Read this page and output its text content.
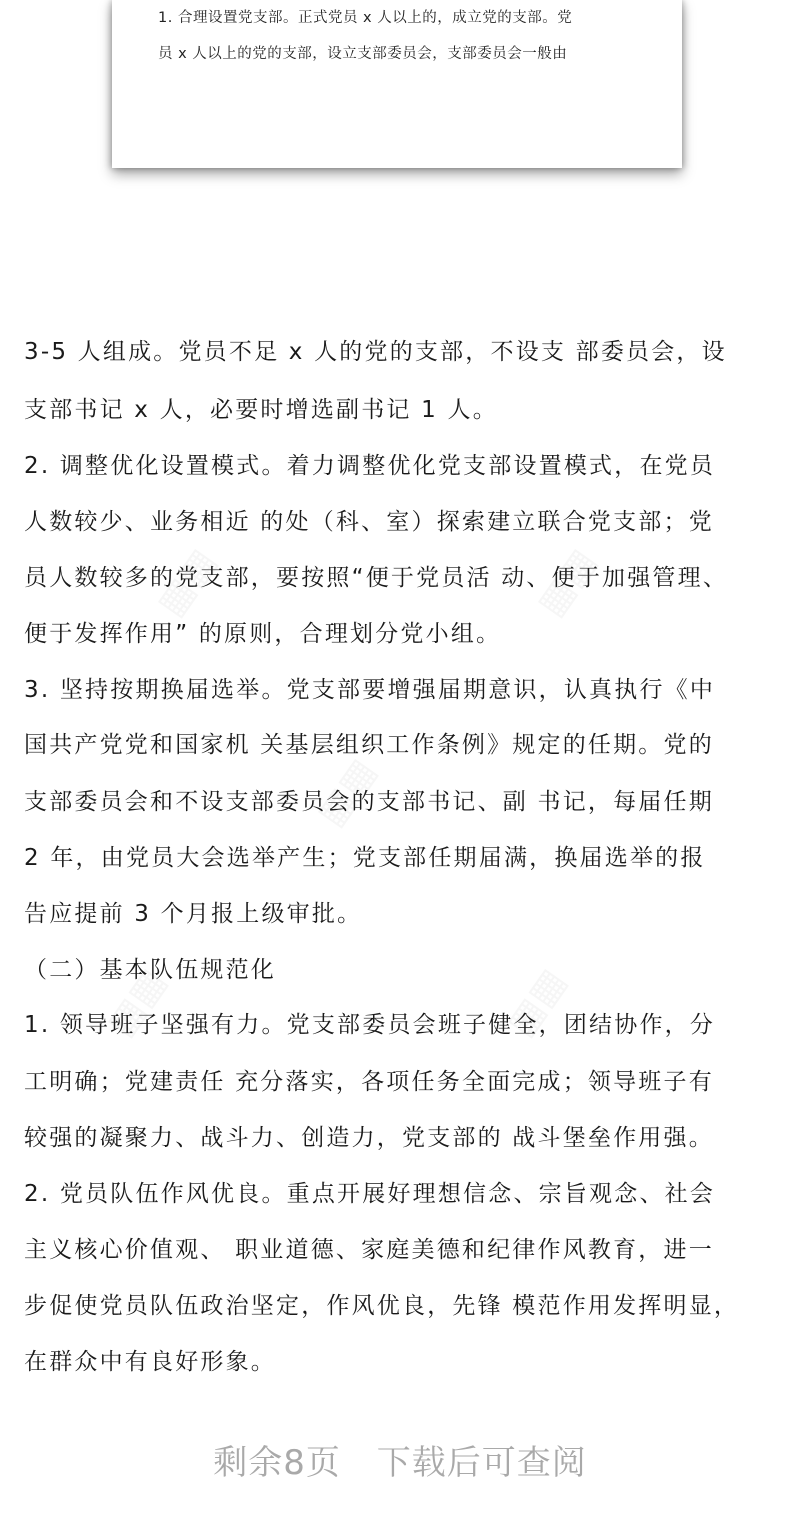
1. 合理设置党支部。正式党员 x 人以上的，成立党的支部。党
员 x 人以上的党的支部，设立支部委员会，支部委员会一般由
3-5 人组成。党员不足 x 人的党的支部，不设支 部委员会，设
支部书记 x 人，必要时增选副书记 1 人。
2. 调整优化设置模式。着力调整优化党支部设置模式，在党员
人数较少、业务相近 的处（科、室）探索建立联合党支部；党
员人数较多的党支部，要按照“便于党员活 动、便于加强管理、
便于发挥作用” 的原则，合理划分党小组。
3. 坚持按期换届选举。党支部要增强届期意识，认真执行《中
国共产党党和国家机 关基层组织工作条例》规定的任期。党的
支部委员会和不设支部委员会的支部书记、副 书记，每届任期
2 年，由党员大会选举产生；党支部任期届满，换届选举的报
告应提前 3 个月报上级审批。
（二）基本队伍规范化
1. 领导班子坚强有力。党支部委员会班子健全，团结协作，分
工明确；党建责任 充分落实，各项任务全面完成；领导班子有
较强的凝聚力、战斗力、创造力，党支部的 战斗堡垒作用强。
2. 党员队伍作风优良。重点开展好理想信念、宗旨观念、社会
主义核心价值观、 职业道德、家庭美德和纪律作风教育，进一
步促使党员队伍政治坚定，作风优良，先锋 模范作用发挥明显，
在群众中有良好形象。
剩余8页 下载后可查阅
